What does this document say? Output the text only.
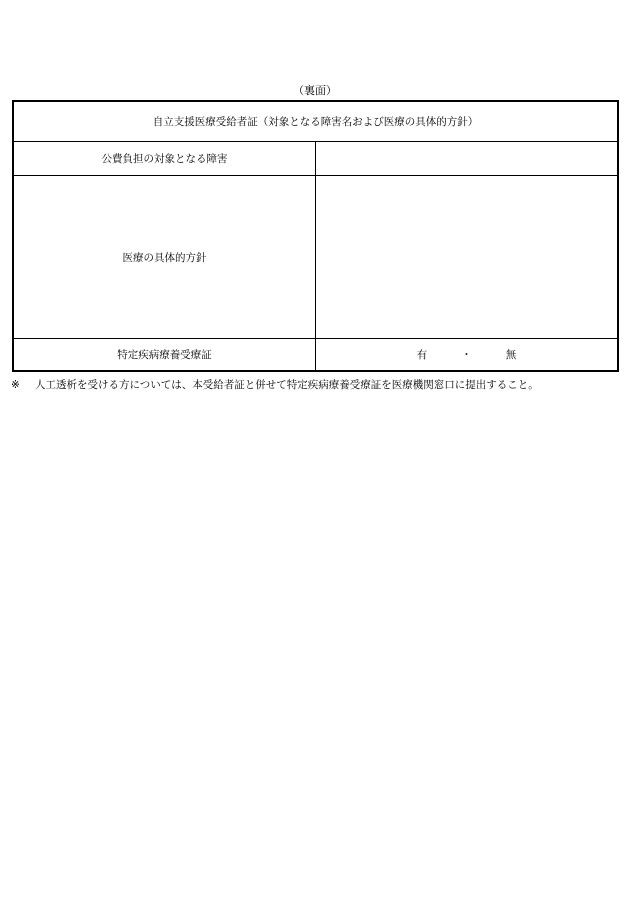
（裏面）
自立支援医療受給者証（対象となる障害名および医療の具体的方針）	
公費負担の対象となる障害	
医療の具体的方針	
特定疾病療養受療証	有 ・ 無
※ 人工透析を受ける方については、本受給者証と併せて特定疾病療養受療証を医療機関窓口に提出すること。
